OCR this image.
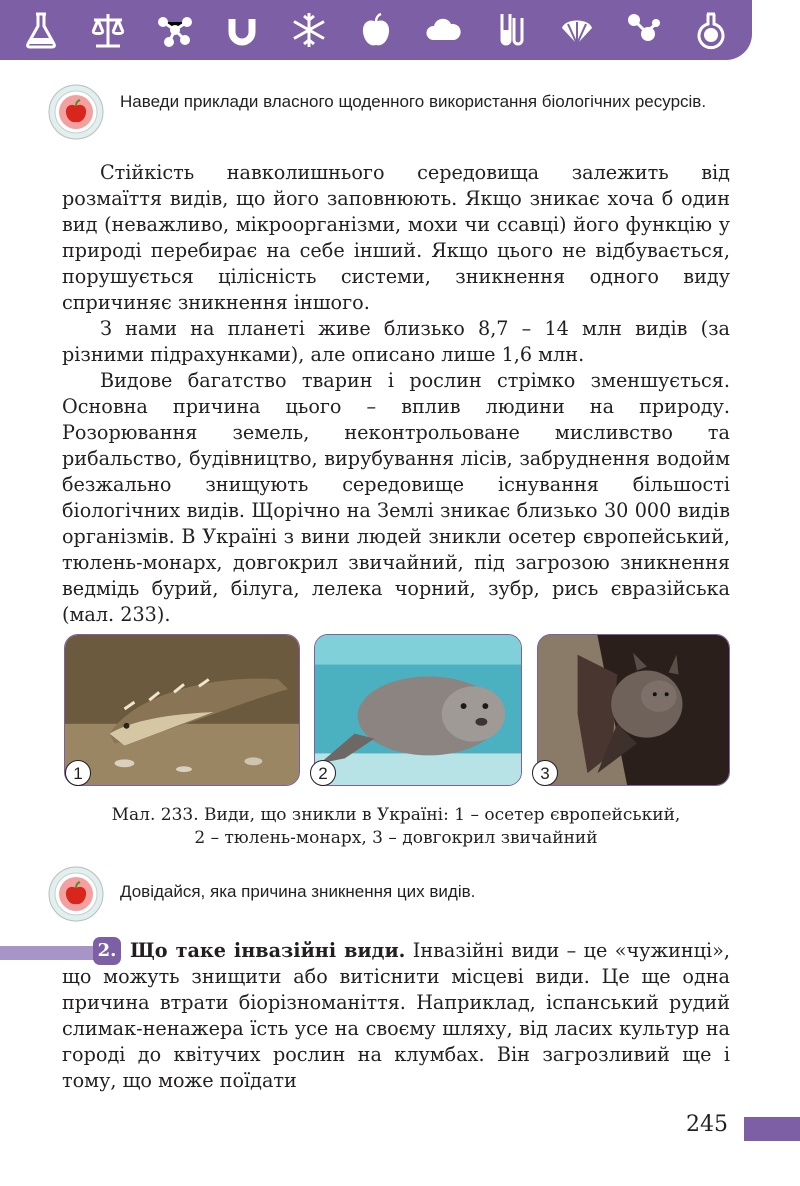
Наведи приклади власного щоденного використання біологічних ресурсів.

Стійкість навколишнього середовища залежить від розмаїття видів, що його заповнюють. Якщо зникає хоча б один вид (неважливо, мікроорганізми, мохи чи ссавці) його функцію у природі перебирає на себе інший. Якщо цього не відбувається, порушується цілісність системи, зникнення одного виду спричиняє зникнення іншого.

З нами на планеті живе близько 8,7 – 14 млн видів (за різними підрахунками), але описано лише 1,6 млн.

Видове багатство тварин і рослин стрімко зменшується. Основна причина цього – вплив людини на природу. Розорювання земель, неконтрольоване мисливство та рибальство, будівництво, вирубування лісів, забруднення водойм безжально знищують середовище існування більшості біологічних видів. Щорічно на Землі зникає близько 30 000 видів організмів. В Україні з вини людей зникли осетер європейський, тюлень-монарх, довгокрил звичайний, під загрозою зникнення ведмідь бурий, білуга, лелека чорний, зубр, рись євразійська (мал. 233).

1	2	3
Мал. 233. Види, що зникли в Україні: 1 – осетер європейський,
2 – тюлень-монарх, 3 – довгокрил звичайний
Довідайся, яка причина зникнення цих видів.
2. Що таке інвазійні види. Інвазійні види – це «чужинці», що можуть знищити або витіснити місцеві види. Це ще одна причина втрати біорізноманіття. Наприклад, іспанський рудий слимак-ненажера їсть усе на своєму шляху, від ласих культур на городі до квітучих рослин на клумбах. Він загрозливий ще і тому, що може поїдати

245
